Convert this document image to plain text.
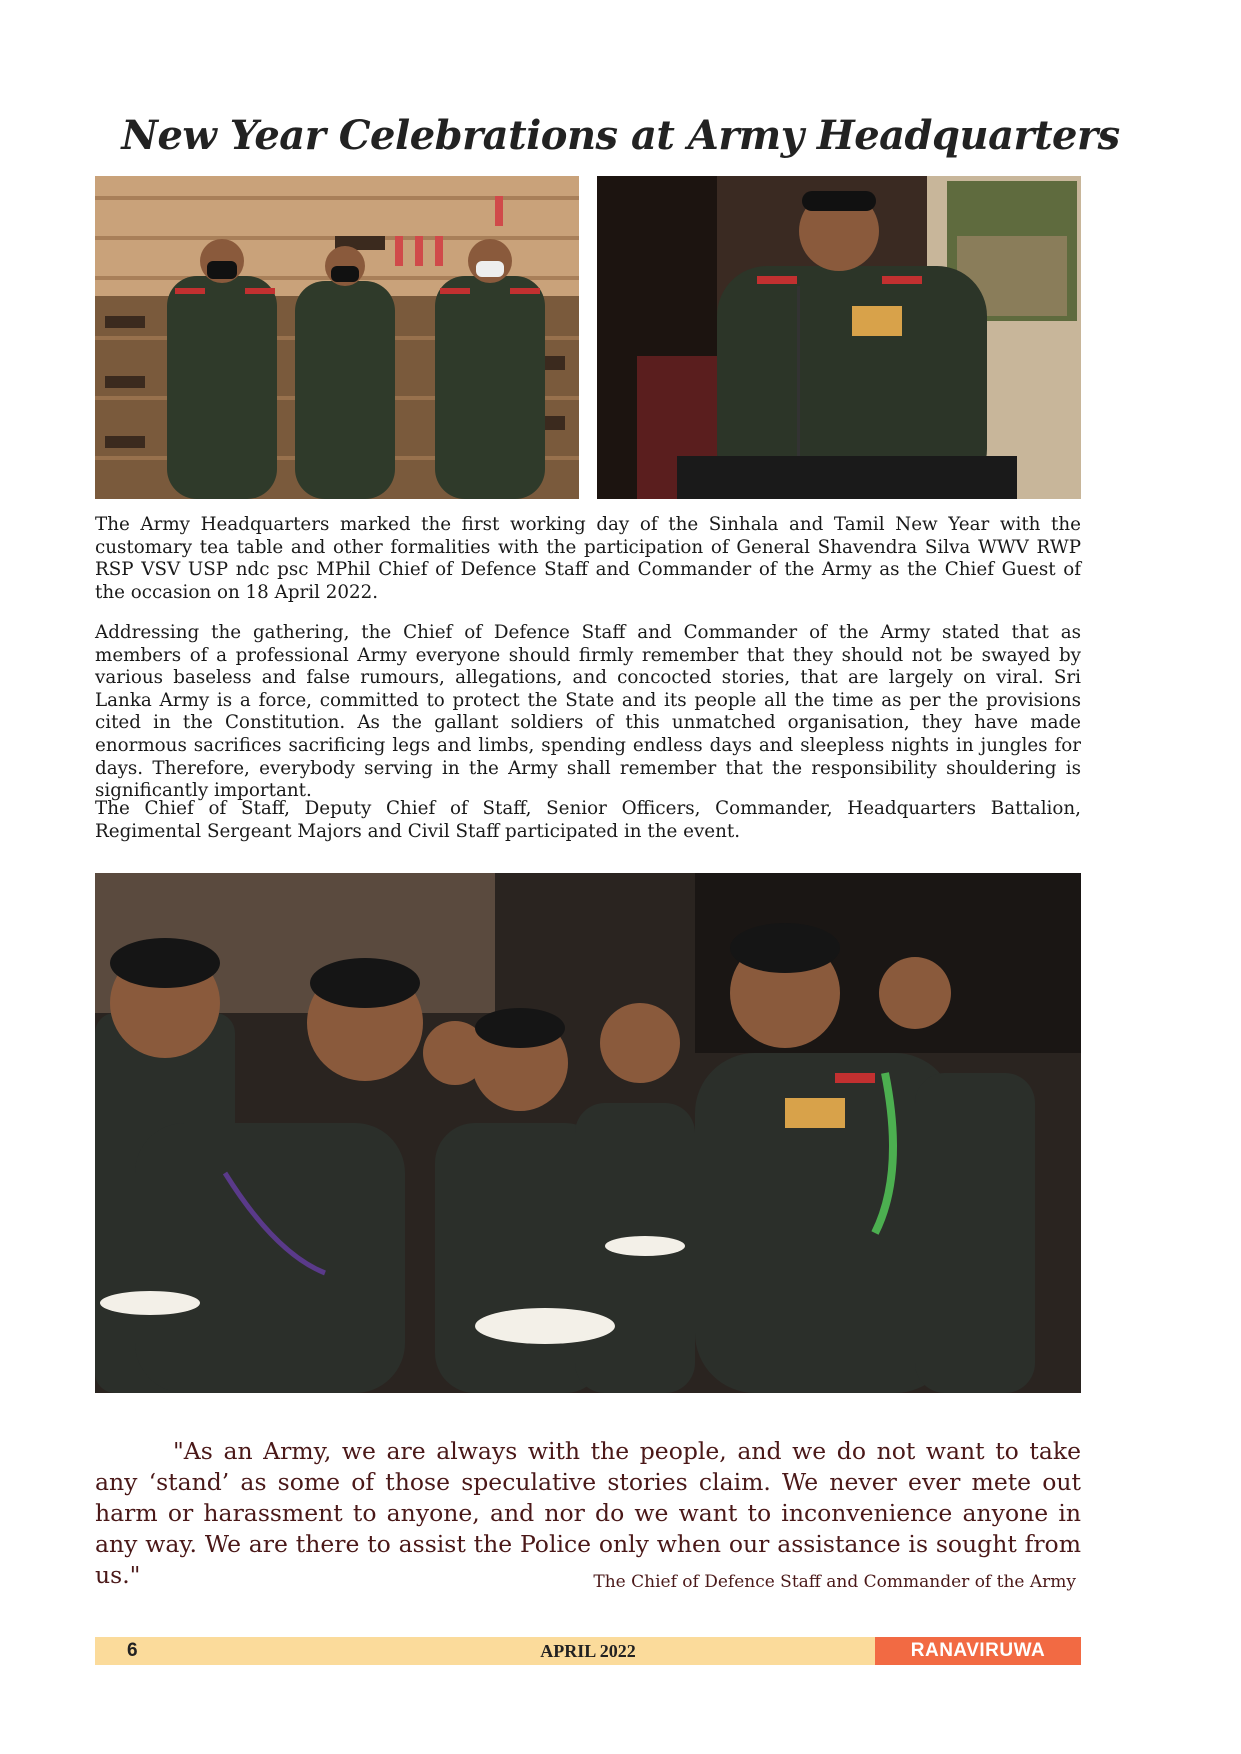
New Year Celebrations at Army Headquarters

The Army Headquarters marked the first working day of the Sinhala and Tamil New Year with the customary tea table and other formalities with the participation of General Shavendra Silva WWV RWP RSP VSV USP ndc psc MPhil Chief of Defence Staff and Commander of the Army as the Chief Guest of the occasion on 18 April 2022.

Addressing the gathering, the Chief of Defence Staff and Commander of the Army stated that as members of a professional Army everyone should firmly remember that they should not be swayed by various baseless and false rumours, allegations, and concocted stories, that are largely on viral. Sri Lanka Army is a force, committed to protect the State and its people all the time as per the provisions cited in the Constitution. As the gallant soldiers of this unmatched organisation, they have made enormous sacrifices sacrificing legs and limbs, spending endless days and sleepless nights in jungles for days. Therefore, everybody serving in the Army shall remember that the responsibility shouldering is significantly important.

The Chief of Staff, Deputy Chief of Staff, Senior Officers, Commander, Headquarters Battalion, Regimental Sergeant Majors and Civil Staff participated in the event.

"As an Army, we are always with the people, and we do not want to take any ‘stand’ as some of those speculative stories claim. We never ever mete out harm or harassment to anyone, and nor do we want to inconvenience anyone in any way. We are there to assist the Police only when our assistance is sought from us."	The Chief of Defence Staff and Commander of the Army
6	APRIL 2022	RANAVIRUWA
